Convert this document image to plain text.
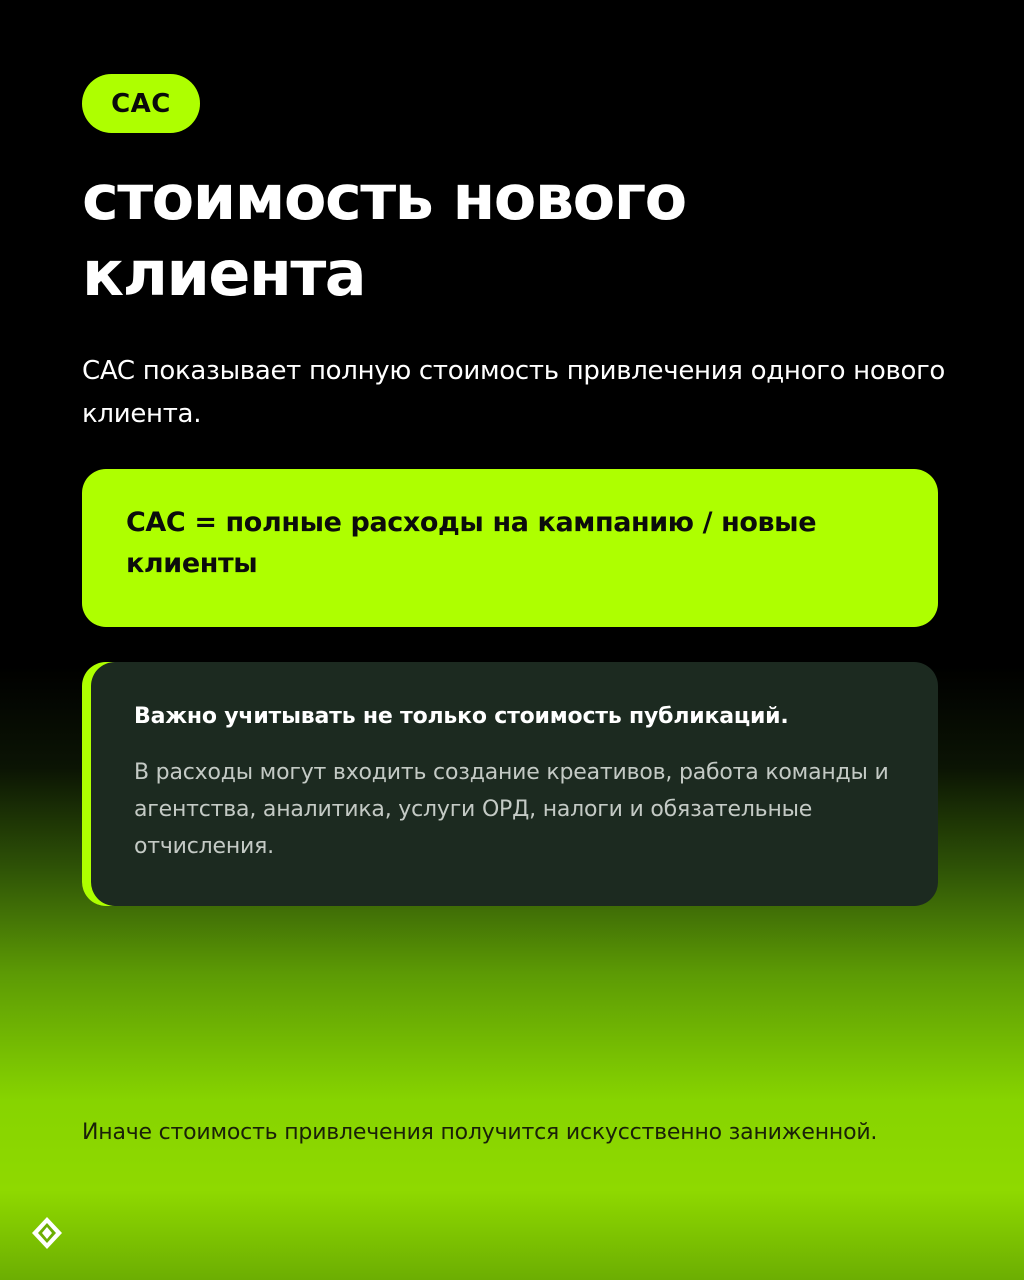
CAC
стоимость нового
клиента

CAC показывает полную стоимость привлечения одного нового клиента.

CAC = полные расходы на кампанию / новые клиенты

Важно учитывать не только стоимость публикаций.

В расходы могут входить создание креативов, работа команды и агентства, аналитика, услуги ОРД, налоги и обязательные отчисления.

Иначе стоимость привлечения получится искусственно заниженной.
